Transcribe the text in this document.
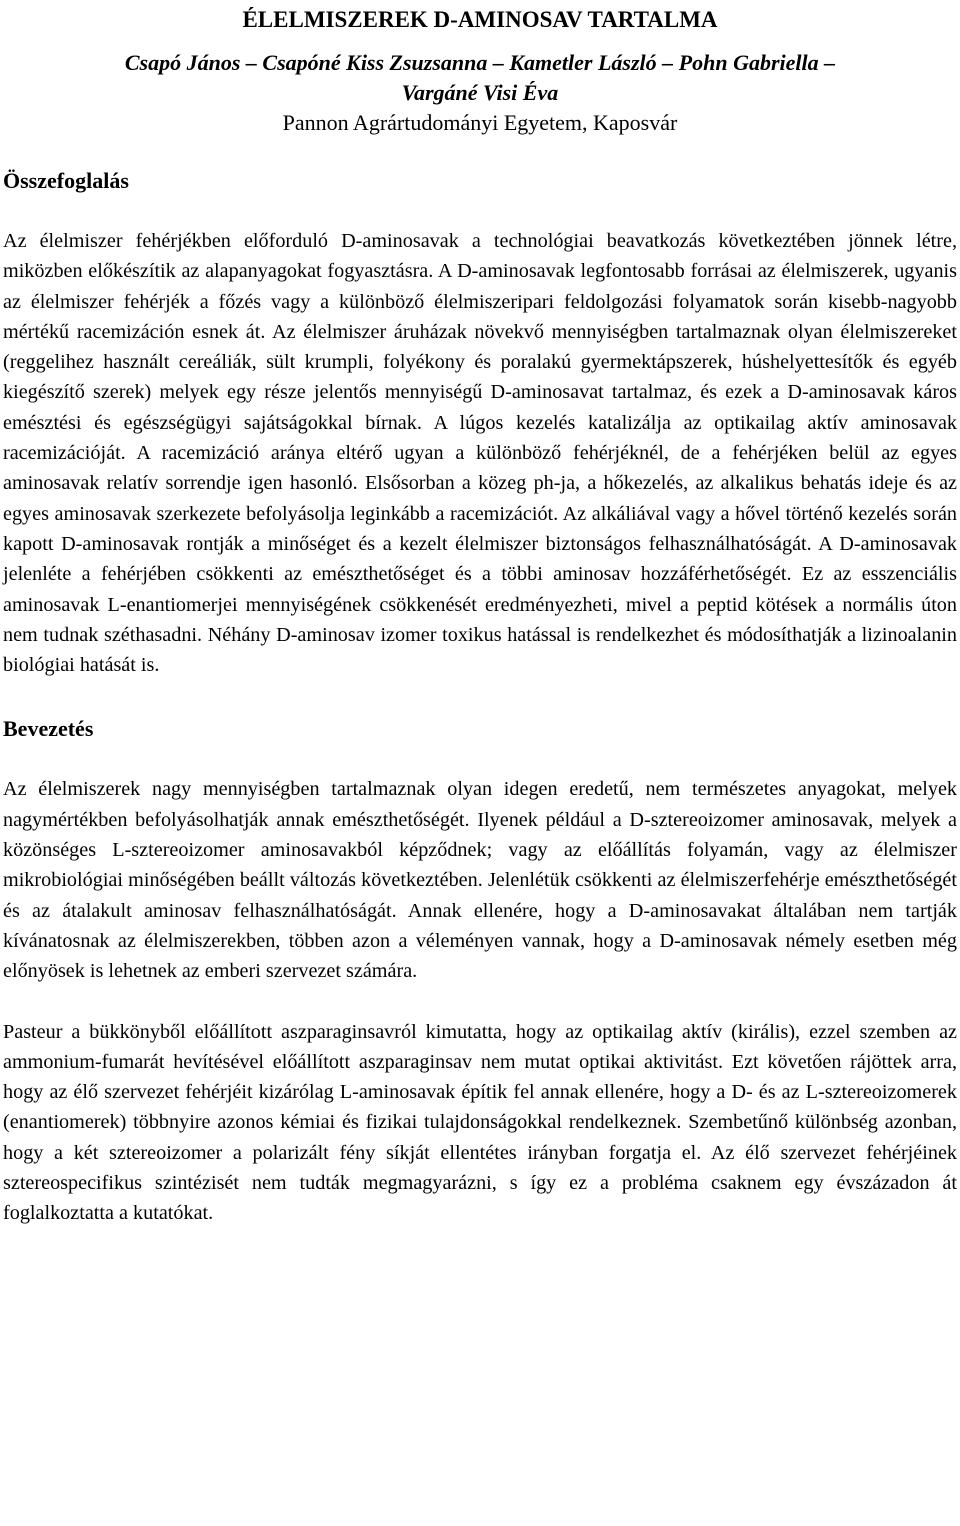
ÉLELMISZEREK D-AMINOSAV TARTALMA
Csapó János – Csapóné Kiss Zsuzsanna – Kametler László – Pohn Gabriella –
Vargáné Visi Éva
Pannon Agrártudományi Egyetem, Kaposvár
Összefoglalás

Az élelmiszer fehérjékben előforduló D-aminosavak a technológiai beavatkozás következtében jönnek létre, miközben előkészítik az alapanyagokat fogyasztásra. A D-aminosavak legfontosabb forrásai az élelmiszerek, ugyanis az élelmiszer fehérjék a főzés vagy a különböző élelmiszeripari feldolgozási folyamatok során kisebb-nagyobb mértékű racemizáción esnek át. Az élelmiszer áruházak növekvő mennyiségben tartalmaznak olyan élelmiszereket (reggelihez használt cereáliák, sült krumpli, folyékony és poralakú gyermektápszerek, húshelyettesítők és egyéb kiegészítő szerek) melyek egy része jelentős mennyiségű D-aminosavat tartalmaz, és ezek a D-aminosavak káros emésztési és egészségügyi sajátságokkal bírnak. A lúgos kezelés katalizálja az optikailag aktív aminosavak racemizációját. A racemizáció aránya eltérő ugyan a különböző fehérjéknél, de a fehérjéken belül az egyes aminosavak relatív sorrendje igen hasonló. Elsősorban a közeg ph-ja, a hőkezelés, az alkalikus behatás ideje és az egyes aminosavak szerkezete befolyásolja leginkább a racemizációt. Az alkáliával vagy a hővel történő kezelés során kapott D-aminosavak rontják a minőséget és a kezelt élelmiszer biztonságos felhasználhatóságát. A D-aminosavak jelenléte a fehérjében csökkenti az emészthetőséget és a többi aminosav hozzáférhetőségét. Ez az esszenciális aminosavak L-enantiomerjei mennyiségének csökkenését eredményezheti, mivel a peptid kötések a normális úton nem tudnak széthasadni. Néhány D-aminosav izomer toxikus hatással is rendelkezhet és módosíthatják a lizinoalanin biológiai hatását is.

Bevezetés

Az élelmiszerek nagy mennyiségben tartalmaznak olyan idegen eredetű, nem természetes anyagokat, melyek nagymértékben befolyásolhatják annak emészthetőségét. Ilyenek például a D-sztereoizomer aminosavak, melyek a közönséges L-sztereoizomer aminosavakból képződnek; vagy az előállítás folyamán, vagy az élelmiszer mikrobiológiai minőségében beállt változás következtében. Jelenlétük csökkenti az élelmiszerfehérje emészthetőségét és az átalakult aminosav felhasználhatóságát. Annak ellenére, hogy a D-aminosavakat általában nem tartják kívánatosnak az élelmiszerekben, többen azon a véleményen vannak, hogy a D-aminosavak némely esetben még előnyösek is lehetnek az emberi szervezet számára.

Pasteur a bükkönyből előállított aszparaginsavról kimutatta, hogy az optikailag aktív (királis), ezzel szemben az ammonium-fumarát hevítésével előállított aszparaginsav nem mutat optikai aktivitást. Ezt követően rájöttek arra, hogy az élő szervezet fehérjéit kizárólag L-aminosavak építik fel annak ellenére, hogy a D- és az L-sztereoizomerek (enantiomerek) többnyire azonos kémiai és fizikai tulajdonságokkal rendelkeznek. Szembetűnő különbség azonban, hogy a két sztereoizomer a polarizált fény síkját ellentétes irányban forgatja el. Az élő szervezet fehérjéinek sztereospecifikus szintézisét nem tudták megmagyarázni, s így ez a probléma csaknem egy évszázadon át foglalkoztatta a kutatókat.
